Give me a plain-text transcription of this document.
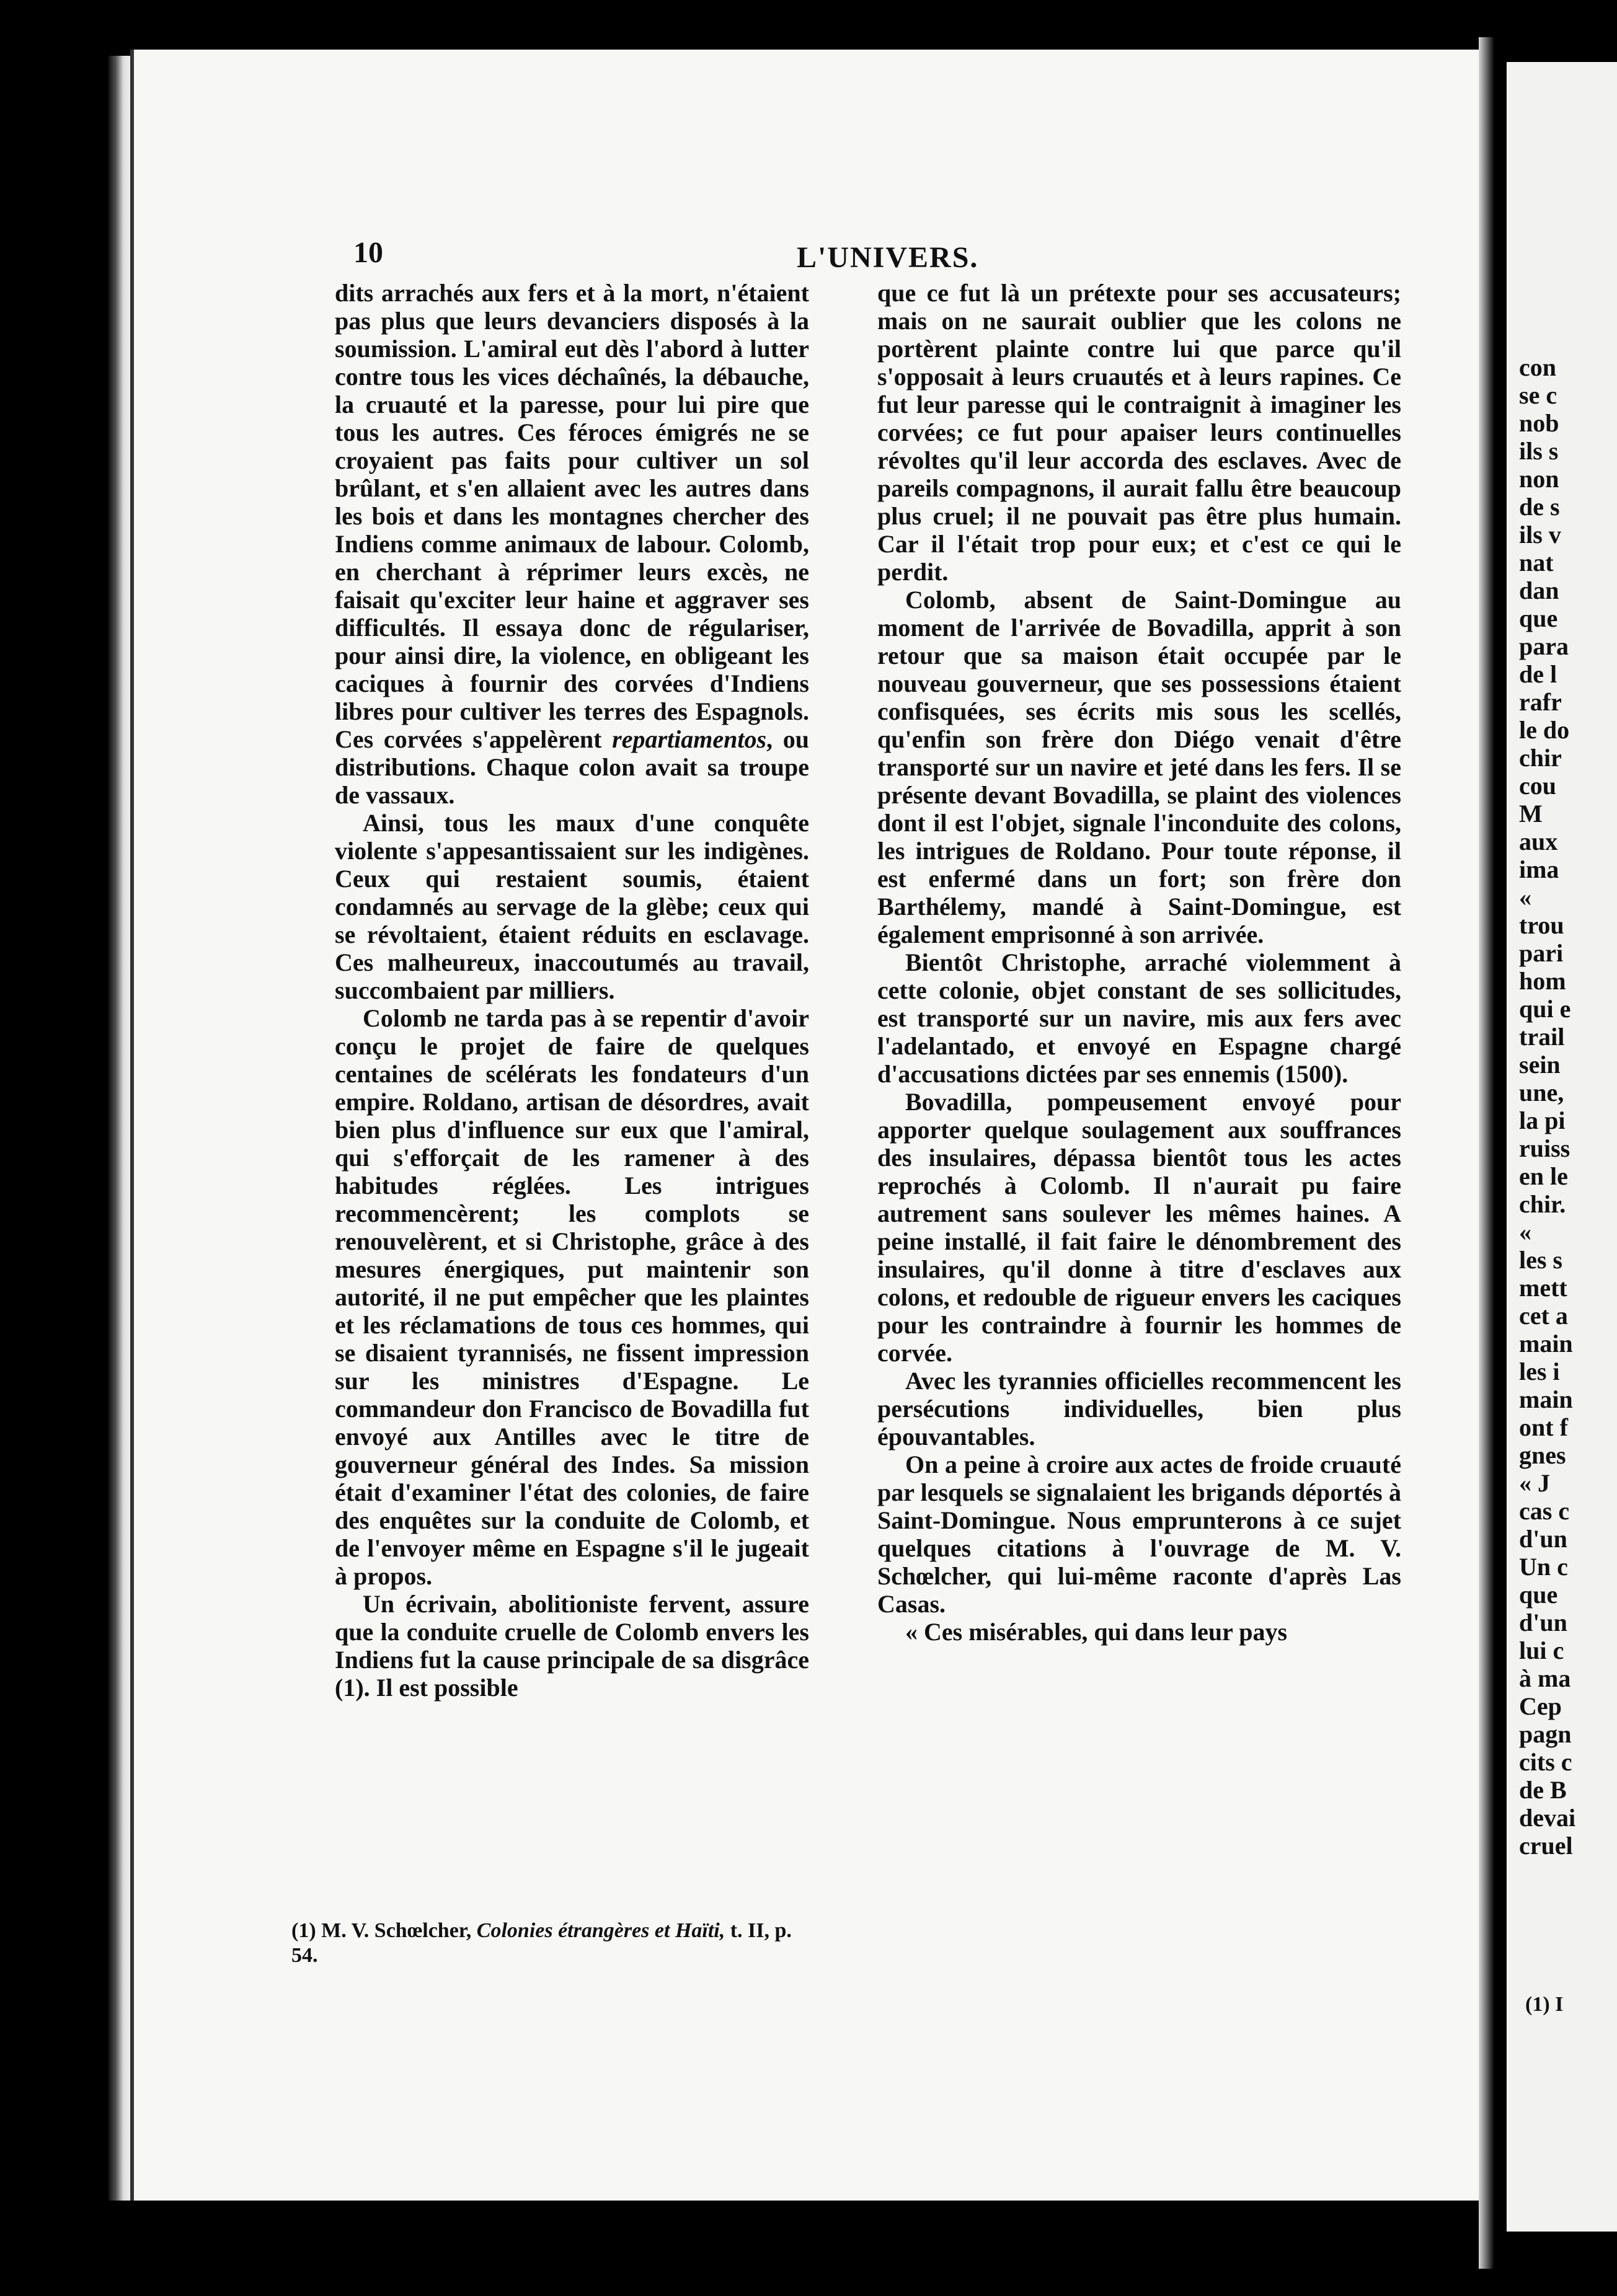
10	L'UNIVERS.

dits arrachés aux fers et à la mort, n'étaient pas plus que leurs devanciers disposés à la soumission. L'amiral eut dès l'abord à lutter contre tous les vices déchaînés, la débauche, la cruauté et la paresse, pour lui pire que tous les autres. Ces féroces émigrés ne se croyaient pas faits pour cultiver un sol brûlant, et s'en allaient avec les autres dans les bois et dans les montagnes chercher des Indiens comme animaux de labour. Colomb, en cherchant à réprimer leurs excès, ne faisait qu'exciter leur haine et aggraver ses difficultés. Il essaya donc de régulariser, pour ainsi dire, la violence, en obligeant les caciques à fournir des corvées d'Indiens libres pour cultiver les terres des Espagnols. Ces corvées s'appelèrent repartiamentos, ou distributions. Chaque colon avait sa troupe de vassaux.

Ainsi, tous les maux d'une conquête violente s'appesantissaient sur les indigènes. Ceux qui restaient soumis, étaient condamnés au servage de la glèbe; ceux qui se révoltaient, étaient réduits en esclavage. Ces malheureux, inaccoutumés au travail, succombaient par milliers.

Colomb ne tarda pas à se repentir d'avoir conçu le projet de faire de quelques centaines de scélérats les fondateurs d'un empire. Roldano, artisan de désordres, avait bien plus d'influence sur eux que l'amiral, qui s'efforçait de les ramener à des habitudes réglées. Les intrigues recommencèrent; les complots se renouvelèrent, et si Christophe, grâce à des mesures énergiques, put maintenir son autorité, il ne put empêcher que les plaintes et les réclamations de tous ces hommes, qui se disaient tyrannisés, ne fissent impression sur les ministres d'Espagne. Le commandeur don Francisco de Bovadilla fut envoyé aux Antilles avec le titre de gouverneur général des Indes. Sa mission était d'examiner l'état des colonies, de faire des enquêtes sur la conduite de Colomb, et de l'envoyer même en Espagne s'il le jugeait à propos.

Un écrivain, abolitioniste fervent, assure que la conduite cruelle de Colomb envers les Indiens fut la cause principale de sa disgrâce (1). Il est possible

que ce fut là un prétexte pour ses accusateurs; mais on ne saurait oublier que les colons ne portèrent plainte contre lui que parce qu'il s'opposait à leurs cruautés et à leurs rapines. Ce fut leur paresse qui le contraignit à imaginer les corvées; ce fut pour apaiser leurs continuelles révoltes qu'il leur accorda des esclaves. Avec de pareils compagnons, il aurait fallu être beaucoup plus cruel; il ne pouvait pas être plus humain. Car il l'était trop pour eux; et c'est ce qui le perdit.

Colomb, absent de Saint-Domingue au moment de l'arrivée de Bovadilla, apprit à son retour que sa maison était occupée par le nouveau gouverneur, que ses possessions étaient confisquées, ses écrits mis sous les scellés, qu'enfin son frère don Diégo venait d'être transporté sur un navire et jeté dans les fers. Il se présente devant Bovadilla, se plaint des violences dont il est l'objet, signale l'inconduite des colons, les intrigues de Roldano. Pour toute réponse, il est enfermé dans un fort; son frère don Barthélemy, mandé à Saint-Domingue, est également emprisonné à son arrivée.

Bientôt Christophe, arraché violemment à cette colonie, objet constant de ses sollicitudes, est transporté sur un navire, mis aux fers avec l'adelantado, et envoyé en Espagne chargé d'accusations dictées par ses ennemis (1500).

Bovadilla, pompeusement envoyé pour apporter quelque soulagement aux souffrances des insulaires, dépassa bientôt tous les actes reprochés à Colomb. Il n'aurait pu faire autrement sans soulever les mêmes haines. A peine installé, il fait faire le dénombrement des insulaires, qu'il donne à titre d'esclaves aux colons, et redouble de rigueur envers les caciques pour les contraindre à fournir les hommes de corvée.

Avec les tyrannies officielles recommencent les persécutions individuelles, bien plus épouvantables.

On a peine à croire aux actes de froide cruauté par lesquels se signalaient les brigands déportés à Saint-Domingue. Nous emprunterons à ce sujet quelques citations à l'ouvrage de M. V. Schœlcher, qui lui-même raconte d'après Las Casas.

« Ces misérables, qui dans leur pays

(1) M. V. Schœlcher, Colonies étrangères et Haïti, t. II, p. 54.
con
se c
nob
ils s
non
de s
ils v
nat
dan
que
para
de l
rafr
le do
chir
cou
M
aux
ima
«
trou
pari
hom
qui e
trail
sein
une,
la pi
ruiss
en le
chir.
«
les s
mett
cet a
main
les i
main
ont f
gnes
« J
cas c
d'un
Un c
que
d'un
lui c
à ma
Cep
pagn
cits c
de B
devai
cruel
(1) I
